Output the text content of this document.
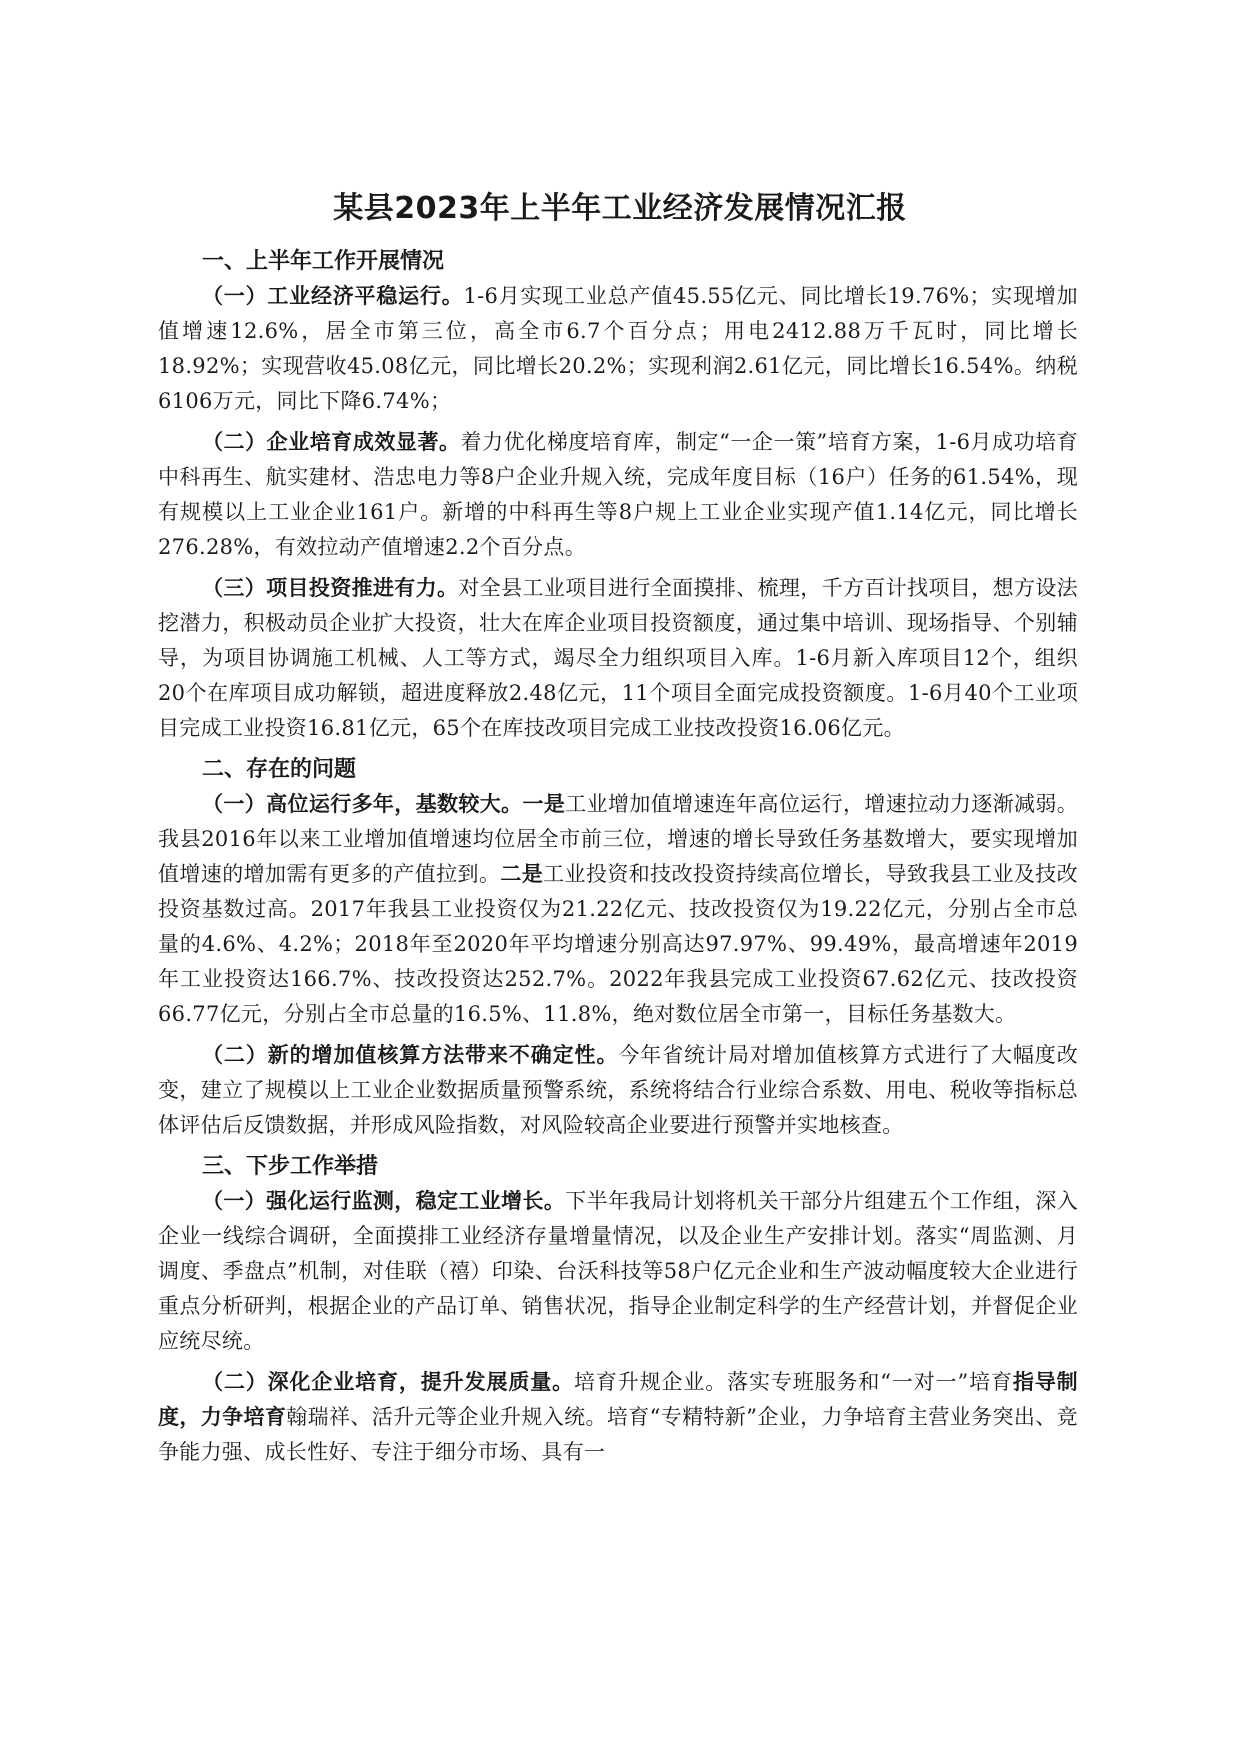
某县2023年上半年工业经济发展情况汇报
一、上半年工作开展情况

（一）工业经济平稳运行。1-6月实现工业总产值45.55亿元、同比增长19.76%；实现增加值增速12.6%，居全市第三位，高全市6.7个百分点；用电2412.88万千瓦时，同比增长18.92%；实现营收45.08亿元，同比增长20.2%；实现利润2.61亿元，同比增长16.54%。纳税6106万元，同比下降6.74%；

（二）企业培育成效显著。着力优化梯度培育库，制定“一企一策”培育方案，1-6月成功培育中科再生、航实建材、浩忠电力等8户企业升规入统，完成年度目标（16户）任务的61.54%，现有规模以上工业企业161户。新增的中科再生等8户规上工业企业实现产值1.14亿元，同比增长276.28%，有效拉动产值增速2.2个百分点。

（三）项目投资推进有力。对全县工业项目进行全面摸排、梳理，千方百计找项目，想方设法挖潜力，积极动员企业扩大投资，壮大在库企业项目投资额度，通过集中培训、现场指导、个别辅导，为项目协调施工机械、人工等方式，竭尽全力组织项目入库。1-6月新入库项目12个，组织20个在库项目成功解锁，超进度释放2.48亿元，11个项目全面完成投资额度。1-6月40个工业项目完成工业投资16.81亿元，65个在库技改项目完成工业技改投资16.06亿元。

二、存在的问题

（一）高位运行多年，基数较大。一是工业增加值增速连年高位运行，增速拉动力逐渐减弱。我县2016年以来工业增加值增速均位居全市前三位，增速的增长导致任务基数增大，要实现增加值增速的增加需有更多的产值拉到。二是工业投资和技改投资持续高位增长，导致我县工业及技改投资基数过高。2017年我县工业投资仅为21.22亿元、技改投资仅为19.22亿元，分别占全市总量的4.6%、4.2%；2018年至2020年平均增速分别高达97.97%、99.49%，最高增速年2019年工业投资达166.7%、技改投资达252.7%。2022年我县完成工业投资67.62亿元、技改投资66.77亿元，分别占全市总量的16.5%、11.8%，绝对数位居全市第一，目标任务基数大。

（二）新的增加值核算方法带来不确定性。今年省统计局对增加值核算方式进行了大幅度改变，建立了规模以上工业企业数据质量预警系统，系统将结合行业综合系数、用电、税收等指标总体评估后反馈数据，并形成风险指数，对风险较高企业要进行预警并实地核查。

三、下步工作举措

（一）强化运行监测，稳定工业增长。下半年我局计划将机关干部分片组建五个工作组，深入企业一线综合调研，全面摸排工业经济存量增量情况，以及企业生产安排计划。落实“周监测、月调度、季盘点”机制，对佳联（禧）印染、台沃科技等58户亿元企业和生产波动幅度较大企业进行重点分析研判，根据企业的产品订单、销售状况，指导企业制定科学的生产经营计划，并督促企业应统尽统。

（二）深化企业培育，提升发展质量。培育升规企业。落实专班服务和“一对一”培育指导制度，力争培育翰瑞祥、活升元等企业升规入统。培育“专精特新”企业，力争培育主营业务突出、竞争能力强、成长性好、专注于细分市场、具有一
